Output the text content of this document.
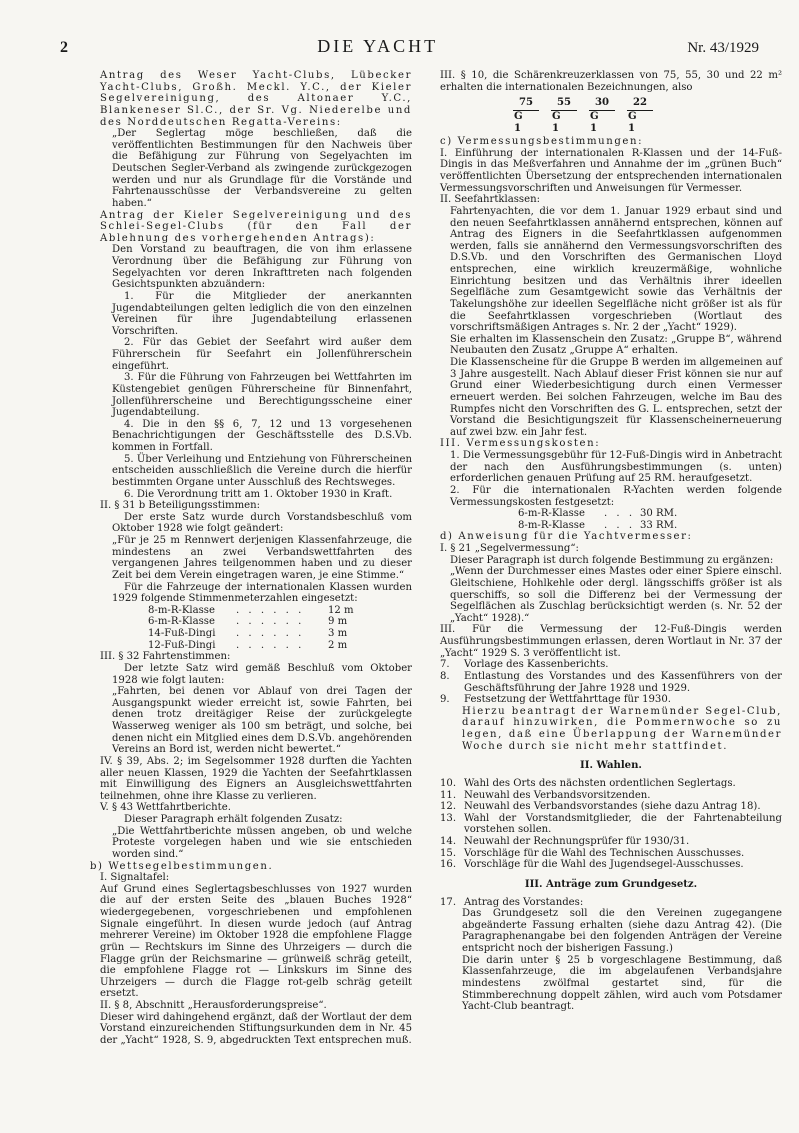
2	DIE YACHT	Nr. 43/1929

Antrag des Weser Yacht-Clubs, Lübecker Yacht-Clubs, Großh. Meckl. Y.C., der Kieler Segelvereinigung, des Altonaer Y.C., Blankeneser Sl.C., der Sr. Vg. Niederelbe und des Norddeutschen Regatta-Vereins:

„Der Seglertag möge beschließen, daß die veröffentlichten Bestimmungen für den Nachweis über die Befähigung zur Führung von Segelyachten im Deutschen Segler-Verband als zwingende zurückgezogen werden und nur als Grundlage für die Vorstände und Fahrtenausschüsse der Verbandsvereine zu gelten haben.“

Antrag der Kieler Segelvereinigung und des Schlei-Segel-Clubs (für den Fall der Ablehnung des vorhergehenden Antrags):

Den Vorstand zu beauftragen, die von ihm erlassene Verordnung über die Befähigung zur Führung von Segelyachten vor deren Inkrafttreten nach folgenden Gesichtspunkten abzuändern:

1. Für die Mitglieder der anerkannten Jugendabteilungen gelten lediglich die von den einzelnen Vereinen für ihre Jugendabteilung erlassenen Vorschriften.

2. Für das Gebiet der Seefahrt wird außer dem Führerschein für Seefahrt ein Jollenführerschein eingeführt.

3. Für die Führung von Fahrzeugen bei Wettfahrten im Küstengebiet genügen Führerscheine für Binnenfahrt, Jollenführerscheine und Berechtigungsscheine einer Jugendabteilung.

4. Die in den §§ 6, 7, 12 und 13 vorgesehenen Benachrichtigungen der Geschäftsstelle des D.S.Vb. kommen in Fortfall.

5. Über Verleihung und Entziehung von Führerscheinen entscheiden ausschließlich die Vereine durch die hierfür bestimmten Organe unter Ausschluß des Rechtsweges.

6. Die Verordnung tritt am 1. Oktober 1930 in Kraft.

II. § 31 b Beteiligungsstimmen:

Der erste Satz wurde durch Vorstandsbeschluß vom Oktober 1928 wie folgt geändert:

„Für je 25 m Rennwert derjenigen Klassenfahrzeuge, die mindestens an zwei Verbandswettfahrten des vergangenen Jahres teilgenommen haben und zu dieser Zeit bei dem Verein eingetragen waren, je eine Stimme.“

Für die Fahrzeuge der internationalen Klassen wurden 1929 folgende Stimmenmeterzahlen eingesetzt:

8-m-R-Klasse	. . . . . .	12 m
6-m-R-Klasse	. . . . . .	9 m
14-Fuß-Dingi	. . . . . .	3 m
12-Fuß-Dingi	. . . . . .	2 m

III. § 32 Fahrtenstimmen:

Der letzte Satz wird gemäß Beschluß vom Oktober 1928 wie folgt lauten:

„Fahrten, bei denen vor Ablauf von drei Tagen der Ausgangspunkt wieder erreicht ist, sowie Fahrten, bei denen trotz dreitägiger Reise der zurückgelegte Wasserweg weniger als 100 sm beträgt, und solche, bei denen nicht ein Mitglied eines dem D.S.Vb. angehörenden Vereins an Bord ist, werden nicht bewertet.“

IV. § 39, Abs. 2; im Segelsommer 1928 durften die Yachten aller neuen Klassen, 1929 die Yachten der Seefahrtklassen mit Einwilligung des Eigners an Ausgleichswettfahrten teilnehmen, ohne ihre Klasse zu verlieren.

V. § 43 Wettfahrtberichte.

Dieser Paragraph erhält folgenden Zusatz:

„Die Wettfahrtberichte müssen angeben, ob und welche Proteste vorgelegen haben und wie sie entschieden worden sind.“

b) Wettsegelbestimmungen.

I. Signaltafel:

Auf Grund eines Seglertagsbeschlusses von 1927 wurden die auf der ersten Seite des „blauen Buches 1928“ wiedergegebenen, vorgeschriebenen und empfohlenen Signale eingeführt. In diesen wurde jedoch (auf Antrag mehrerer Vereine) im Oktober 1928 die empfohlene Flagge grün — Rechtskurs im Sinne des Uhrzeigers — durch die Flagge grün der Reichsmarine — grünweiß schräg geteilt, die empfohlene Flagge rot — Linkskurs im Sinne des Uhrzeigers — durch die Flagge rot-gelb schräg geteilt ersetzt.

II. § 8, Abschnitt „Herausforderungspreise“.

Dieser wird dahingehend ergänzt, daß der Wortlaut der dem Vorstand einzureichenden Stiftungsurkunden dem in Nr. 45 der „Yacht“ 1928, S. 9, abgedruckten Text entsprechen muß.

III. § 10, die Schärenkreuzerklassen von 75, 55, 30 und 22 m² erhalten die internationalen Bezeichnungen, also

$\frac{75}{G 1} \frac{55}{G 1} \frac{30}{G 1} \frac{22}{G 1}$

c) Vermessungsbestimmungen:

I. Einführung der internationalen R-Klassen und der 14-Fuß-Dingis in das Meßverfahren und Annahme der im „grünen Buch“ veröffentlichten Übersetzung der entsprechenden internationalen Vermessungsvorschriften und Anweisungen für Vermesser.

II. Seefahrtklassen:

Fahrtenyachten, die vor dem 1. Januar 1929 erbaut sind und den neuen Seefahrtklassen annähernd entsprechen, können auf Antrag des Eigners in die Seefahrtklassen aufgenommen werden, falls sie annähernd den Vermessungsvorschriften des D.S.Vb. und den Vorschriften des Germanischen Lloyd entsprechen, eine wirklich kreuzermäßige, wohnliche Einrichtung besitzen und das Verhältnis ihrer ideellen Segelfläche zum Gesamtgewicht sowie das Verhältnis der Takelungshöhe zur ideellen Segelfläche nicht größer ist als für die Seefahrtklassen vorgeschrieben (Wortlaut des vorschriftsmäßigen Antrages s. Nr. 2 der „Yacht“ 1929).

Sie erhalten im Klassenschein den Zusatz: „Gruppe B“, während Neubauten den Zusatz „Gruppe A“ erhalten.

Die Klassenscheine für die Gruppe B werden im allgemeinen auf 3 Jahre ausgestellt. Nach Ablauf dieser Frist können sie nur auf Grund einer Wiederbesichtigung durch einen Vermesser erneuert werden. Bei solchen Fahrzeugen, welche im Bau des Rumpfes nicht den Vorschriften des G. L. entsprechen, setzt der Vorstand die Besichtigungszeit für Klassenscheinerneuerung auf zwei bzw. ein Jahr fest.

III. Vermessungskosten:

1. Die Vermessungsgebühr für 12-Fuß-Dingis wird in Anbetracht der nach den Ausführungsbestimmungen (s. unten) erforderlichen genauen Prüfung auf 25 RM. heraufgesetzt.

2. Für die internationalen R-Yachten werden folgende Vermessungskosten festgesetzt:

6-m-R-Klasse	. . . 30 RM.
8-m-R-Klasse	. . . 33 RM.

d) Anweisung für die Yachtvermesser:

I. § 21 „Segelvermessung“:

Dieser Paragraph ist durch folgende Bestimmung zu ergänzen:

„Wenn der Durchmesser eines Mastes oder einer Spiere einschl. Gleitschiene, Hohlkehle oder dergl. längsschiffs größer ist als querschiffs, so soll die Differenz bei der Vermessung der Segelflächen als Zuschlag berücksichtigt werden (s. Nr. 52 der „Yacht“ 1928).“

III. Für die Vermessung der 12-Fuß-Dingis werden Ausführungsbestimmungen erlassen, deren Wortlaut in Nr. 37 der „Yacht“ 1929 S. 3 veröffentlicht ist.

7. Vorlage des Kassenberichts.

8. Entlastung des Vorstandes und des Kassenführers von der Geschäftsführung der Jahre 1928 und 1929.

9. Festsetzung der Wettfahrttage für 1930.

Hierzu beantragt der Warnemünder Segel-Club, darauf hinzuwirken, die Pommernwoche so zu legen, daß eine Überlappung der Warnemünder Woche durch sie nicht mehr stattfindet.

II. Wahlen.

10. Wahl des Orts des nächsten ordentlichen Seglertags.

11. Neuwahl des Verbandsvorsitzenden.

12. Neuwahl des Verbandsvorstandes (siehe dazu Antrag 18).

13. Wahl der Vorstandsmitglieder, die der Fahrtenabteilung vorstehen sollen.

14. Neuwahl der Rechnungsprüfer für 1930/31.

15. Vorschläge für die Wahl des Technischen Ausschusses.

16. Vorschläge für die Wahl des Jugendsegel-Ausschusses.

III. Anträge zum Grundgesetz.

17. Antrag des Vorstandes:

Das Grundgesetz soll die den Vereinen zugegangene abgeänderte Fassung erhalten (siehe dazu Antrag 42). (Die Paragraphenangabe bei den folgenden Anträgen der Vereine entspricht noch der bisherigen Fassung.)

Die darin unter § 25 b vorgeschlagene Bestimmung, daß Klassenfahrzeuge, die im abgelaufenen Verbandsjahre mindestens zwölfmal gestartet sind, für die Stimmberechnung doppelt zählen, wird auch vom Potsdamer Yacht-Club beantragt.
